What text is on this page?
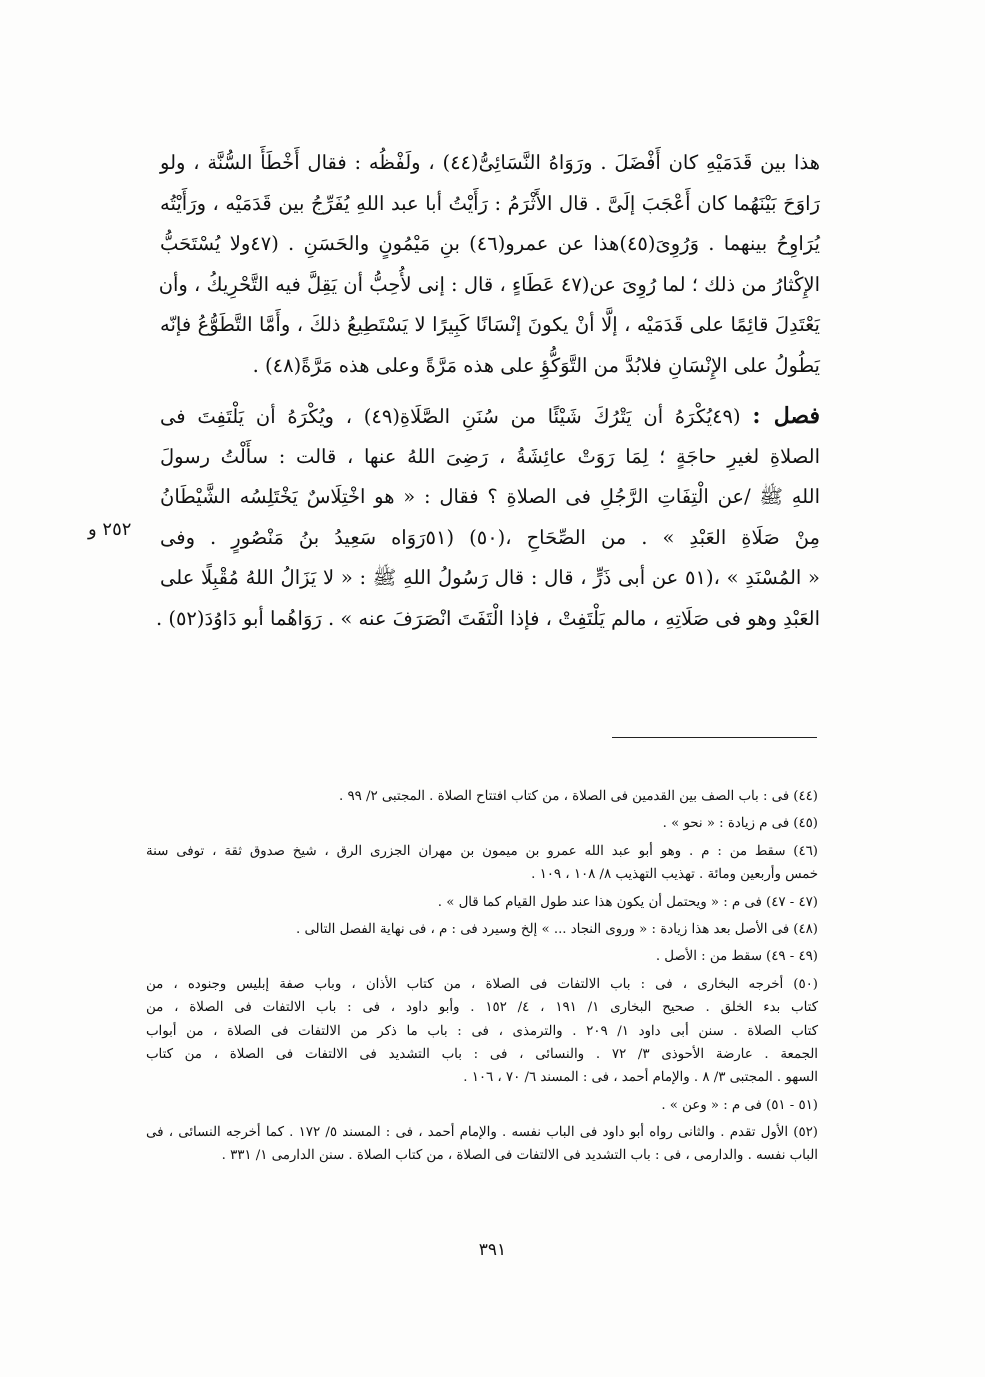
هذا بين قَدَمَيْهِ كان أَفْضَلَ . ورَوَاهُ النَّسَائِىُّ(٤٤) ، ولَفْظُه : فقال أَخْطَأَ السُّنَّة ، ولو
رَاوَحَ بَيْنَهُما كان أَعْجَبَ إلَىَّ . قال الأَثْرَمُ : رَأَيْتُ أبا عبد اللهِ يُفَرِّجُ بين قَدَمَيْه ، ورَأَيْتُه
يُرَاوِحُ بينهما . وَرُوِىَ(٤٥)هذا عن عمرو(٤٦) بنِ مَيْمُونٍ والحَسَنِ . (٤٧ولا يُسْتَحَبُّ
الإِكْثارُ من ذلك ؛ لما رُوِىَ عن(٤٧ عَطَاءٍ ، قال : إنى لأُحِبُّ أن يَقِلَّ فيه التَّحْرِيكُ ، وأن
يَعْتَدِلَ قائِمًا على قَدَمَيْه ، إلَّا أنْ يكونَ إنْسَانًا كَبِيرًا لا يَسْتَطِيعُ ذلكَ ، وأَمَّا التَّطَوُّعُ فإنّه
يَطُولُ على الإِنْسَانِ فلابُدَّ من التَّوَكُّؤِ على هذه مَرَّةً وعلى هذه مَرَّةً(٤٨) .
فصل : (٤٩يُكْرَهُ أن يَتْرُكَ شَيْئًا من سُنَنِ الصَّلَاةِ(٤٩) ، ويُكْرَهُ أن يَلْتَفِتَ فى
الصلاةِ لغيرِ حاجَةٍ ؛ لِمَا رَوَتْ عائِشَةُ ، رَضِىَ اللهُ عنها ، قالت : سأَلْتُ رسولَ
اللهِ ﷺ /عن الْتِفَاتِ الرَّجُلِ فى الصلاةِ ؟ فقال : « هو اخْتِلَاسٌ يَخْتَلِسُه الشَّيْطَانُ
مِنْ صَلَاةِ العَبْدِ » . من الصِّحَاحِ ،(٥٠) (٥١رَوَاه سَعِيدُ بنُ مَنْصُورٍ . وفى
« المُسْنَدِ » ،(٥١ عن أبى ذَرٍّ ، قال : قال رَسُولُ اللهِ ﷺ : « لا يَزَالُ اللهُ مُقْبِلًا على
العَبْدِ وهو فى صَلَاتِهِ ، مالم يَلْتَفِتْ ، فإذا الْتَفَتَ انْصَرَفَ عنه » . رَوَاهُما أبو دَاوُدَ(٥٢) .
٢٥٢ و
(٤٤) فى : باب الصف بين القدمين فى الصلاة ، من كتاب افتتاح الصلاة . المجتبى ٢/ ٩٩ .
(٤٥) فى م زيادة : « نحو » .
(٤٦) سقط من : م . وهو أبو عبد الله عمرو بن ميمون بن مهران الجزرى الرق ، شيخ صدوق ثقة ، توفى سنة
خمس وأربعين ومائة . تهذيب التهذيب ٨/ ١٠٨ ، ١٠٩ .
(٤٧ - ٤٧) فى م : « ويحتمل أن يكون هذا عند طول القيام كما قال » .
(٤٨) فى الأصل بعد هذا زيادة : « وروى النجاد ... » إلخ وسيرد فى : م ، فى نهاية الفصل التالى .
(٤٩ - ٤٩) سقط من : الأصل .
(٥٠) أخرجه البخارى ، فى : باب الالتفات فى الصلاة ، من كتاب الأذان ، وباب صفة إبليس وجنوده ، من
كتاب بدء الخلق . صحيح البخارى ١/ ١٩١ ، ٤/ ١٥٢ . وأبو داود ، فى : باب الالتفات فى الصلاة ، من
كتاب الصلاة . سنن أبى داود ١/ ٢٠٩ . والترمذى ، فى : باب ما ذكر من الالتفات فى الصلاة ، من أبواب
الجمعة . عارضة الأحوذى ٣/ ٧٢ . والنسائى ، فى : باب التشديد فى الالتفات فى الصلاة ، من كتاب
السهو . المجتبى ٣/ ٨ . والإمام أحمد ، فى : المسند ٦/ ٧٠ ، ١٠٦ .
(٥١ - ٥١) فى م : « وعن » .
(٥٢) الأول تقدم . والثانى رواه أبو داود فى الباب نفسه . والإمام أحمد ، فى : المسند ٥/ ١٧٢ . كما أخرجه النسائى ، فى
الباب نفسه . والدارمى ، فى : باب التشديد فى الالتفات فى الصلاة ، من كتاب الصلاة . سنن الدارمى ١/ ٣٣١ .
٣٩١
